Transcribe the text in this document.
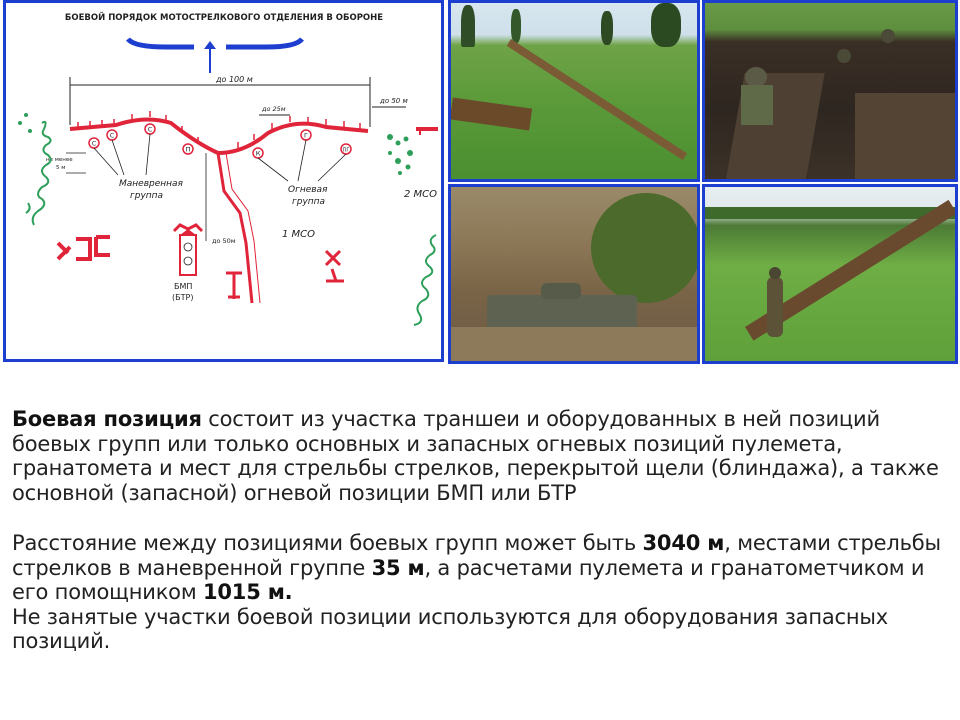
БОЕВОЙ ПОРЯДОК МОТОСТРЕЛКОВОГО ОТДЕЛЕНИЯ В ОБОРОНЕ
до 100 м
до 25м
до 50 м
С
С
С
П	К
Г
ПГ
не менее
5 м
Маневренная
группа
Огневая
группа
1 МСО
2 МСО
до 50м
БМП
(БТР)

Боевая позиция состоит из участка траншеи и оборудованных в ней позиций боевых групп или только основных и запасных огневых позиций пулемета, гранатомета и мест для стрельбы стрелков, перекрытой щели (блиндажа), а также основной (запасной) огневой позиции БМП или БТР

Расстояние между позициями боевых групп может быть 3040 м, местами стрельбы стрелков в маневренной группе 35 м, а расчетами пулемета и гранатометчиком и его помощником 1015 м.

Не занятые участки боевой позиции используются для оборудования запасных позиций.
